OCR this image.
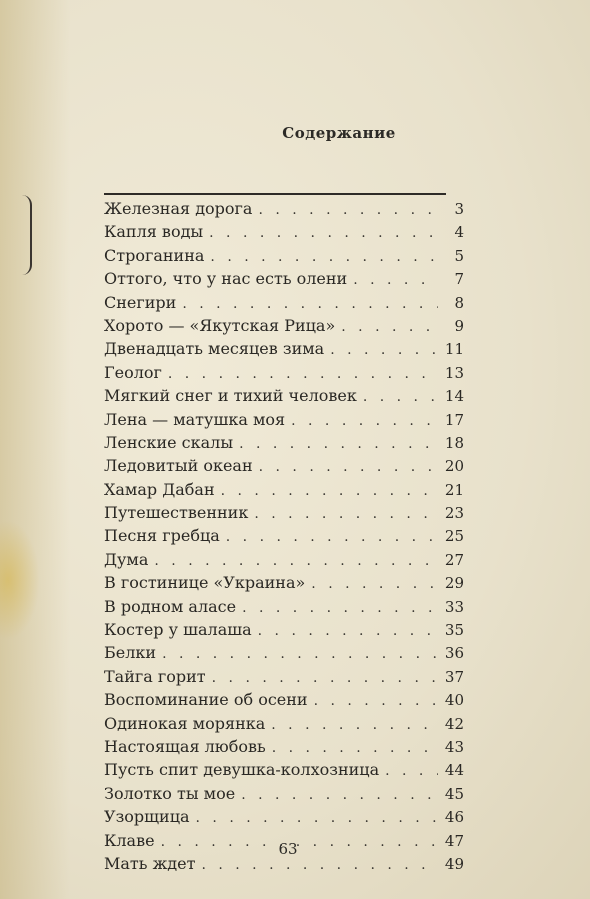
Содержание
Железная дорога . . .	3
Капля воды . . .	4
Строганина . . .	5
Оттого, что у нас есть олени . . .	7
Снегири . . .	8
Хорото — «Якутская Рица» . . .	9
Двенадцать месяцев зима . . .	11
Геолог . . .	13
Мягкий снег и тихий человек . . .	14
Лена — матушка моя . . .	17
Ленские скалы . . .	18
Ледовитый океан . . .	20
Хамар Дабан . . .	21
Путешественник . . .	23
Песня гребца . . .	25
Дума . . .	27
В гостинице «Украина» . . .	29
В родном аласе . . .	33
Костер у шалаша . . .	35
Белки . . .	36
Тайга горит . . .	37
Воспоминание об осени . . .	40
Одинокая морянка . . .	42
Настоящая любовь . . .	43
Пусть спит девушка-колхозница . . .	44
Золотко ты мое . . .	45
Узорщица . . .	46
Клаве . . .	47
Мать ждет . . .	49
63
